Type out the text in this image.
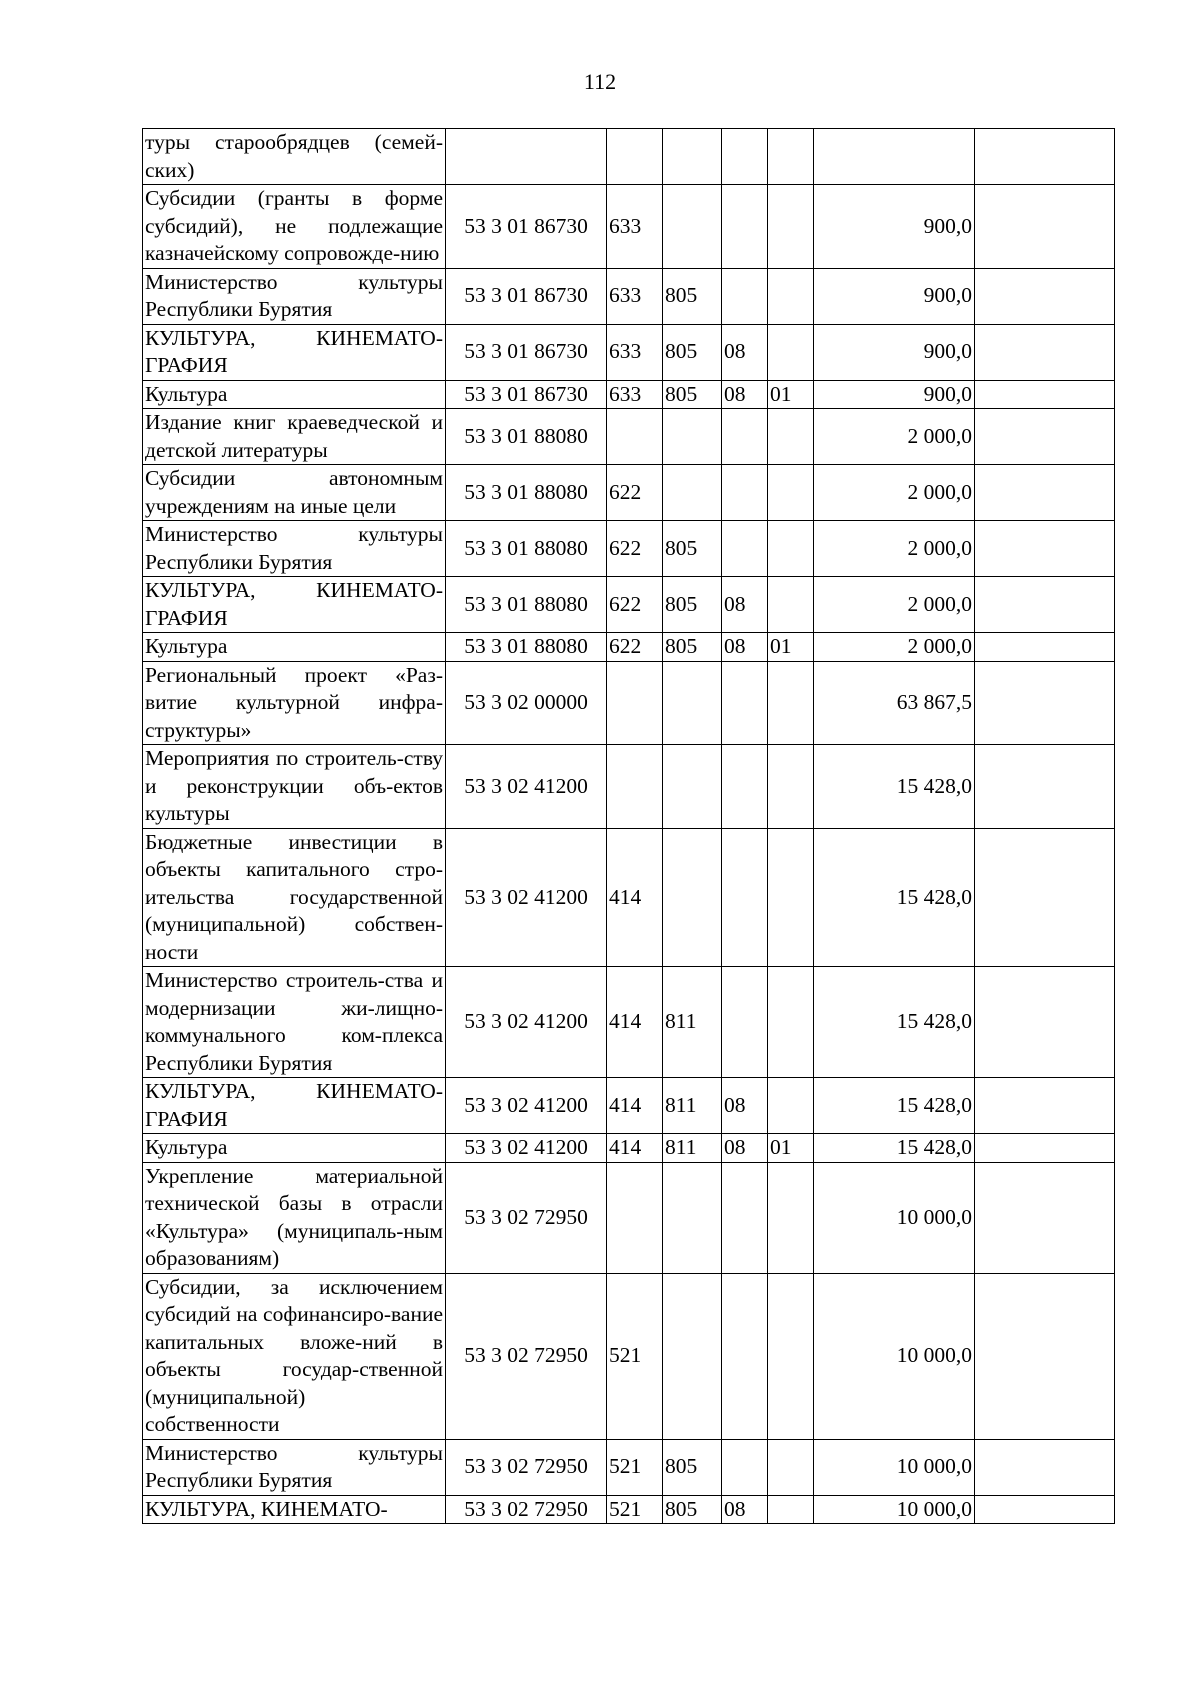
112
туры старообрядцев (семей-ских)							
Субсидии (гранты в форме субсидий), не подлежащие казначейскому сопровожде-нию	53 3 01 86730	633				900,0	
Министерство культуры Республики Бурятия	53 3 01 86730	633	805			900,0	
КУЛЬТУРА, КИНЕМАТО-ГРАФИЯ	53 3 01 86730	633	805	08		900,0	
Культура	53 3 01 86730	633	805	08	01	900,0	
Издание книг краеведческой и детской литературы	53 3 01 88080					2 000,0	
Субсидии автономным учреждениям на иные цели	53 3 01 88080	622				2 000,0	
Министерство культуры Республики Бурятия	53 3 01 88080	622	805			2 000,0	
КУЛЬТУРА, КИНЕМАТО-ГРАФИЯ	53 3 01 88080	622	805	08		2 000,0	
Культура	53 3 01 88080	622	805	08	01	2 000,0	
Региональный проект «Раз-витие культурной инфра-структуры»	53 3 02 00000					63 867,5	
Мероприятия по строитель-ству и реконструкции объ-ектов культуры	53 3 02 41200					15 428,0	
Бюджетные инвестиции в объекты капитального стро-ительства государственной (муниципальной) собствен-ности	53 3 02 41200	414				15 428,0	
Министерство строитель-ства и модернизации жи-лищно-коммунального ком-плекса Республики Бурятия	53 3 02 41200	414	811			15 428,0	
КУЛЬТУРА, КИНЕМАТО-ГРАФИЯ	53 3 02 41200	414	811	08		15 428,0	
Культура	53 3 02 41200	414	811	08	01	15 428,0	
Укрепление материальной технической базы в отрасли «Культура» (муниципаль-ным образованиям)	53 3 02 72950					10 000,0	
Субсидии, за исключением субсидий на софинансиро-вание капитальных вложе-ний в объекты государ-ственной (муниципальной) собственности	53 3 02 72950	521				10 000,0	
Министерство культуры Республики Бурятия	53 3 02 72950	521	805			10 000,0	
КУЛЬТУРА, КИНЕМАТО-	53 3 02 72950	521	805	08		10 000,0	
